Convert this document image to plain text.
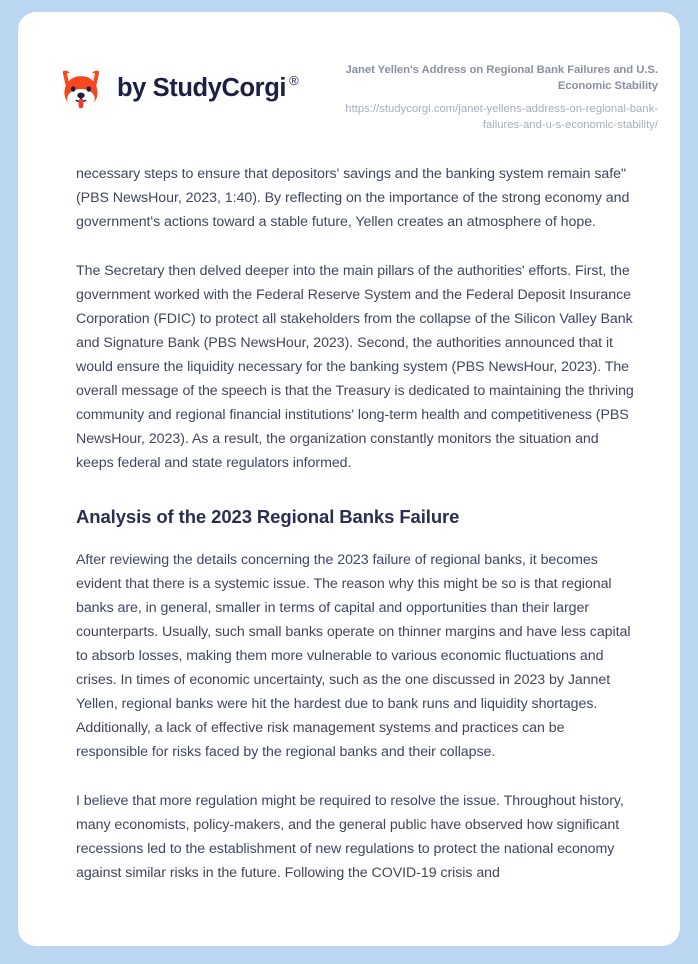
by StudyCorgi ®
Janet Yellen's Address on Regional Bank Failures and U.S. Economic Stability
https://studycorgi.com/janet-yellens-address-on-regional-bank-failures-and-u-s-economic-stability/

necessary steps to ensure that depositors' savings and the banking system remain safe" (PBS NewsHour, 2023, 1:40). By reflecting on the importance of the strong economy and government's actions toward a stable future, Yellen creates an atmosphere of hope.

The Secretary then delved deeper into the main pillars of the authorities' efforts. First, the government worked with the Federal Reserve System and the Federal Deposit Insurance Corporation (FDIC) to protect all stakeholders from the collapse of the Silicon Valley Bank and Signature Bank (PBS NewsHour, 2023). Second, the authorities announced that it would ensure the liquidity necessary for the banking system (PBS NewsHour, 2023). The overall message of the speech is that the Treasury is dedicated to maintaining the thriving community and regional financial institutions' long-term health and competitiveness (PBS NewsHour, 2023). As a result, the organization constantly monitors the situation and keeps federal and state regulators informed.

Analysis of the 2023 Regional Banks Failure

After reviewing the details concerning the 2023 failure of regional banks, it becomes evident that there is a systemic issue. The reason why this might be so is that regional banks are, in general, smaller in terms of capital and opportunities than their larger counterparts. Usually, such small banks operate on thinner margins and have less capital to absorb losses, making them more vulnerable to various economic fluctuations and crises. In times of economic uncertainty, such as the one discussed in 2023 by Jannet Yellen, regional banks were hit the hardest due to bank runs and liquidity shortages. Additionally, a lack of effective risk management systems and practices can be responsible for risks faced by the regional banks and their collapse.

I believe that more regulation might be required to resolve the issue. Throughout history, many economists, policy-makers, and the general public have observed how significant recessions led to the establishment of new regulations to protect the national economy against similar risks in the future. Following the COVID-19 crisis and
